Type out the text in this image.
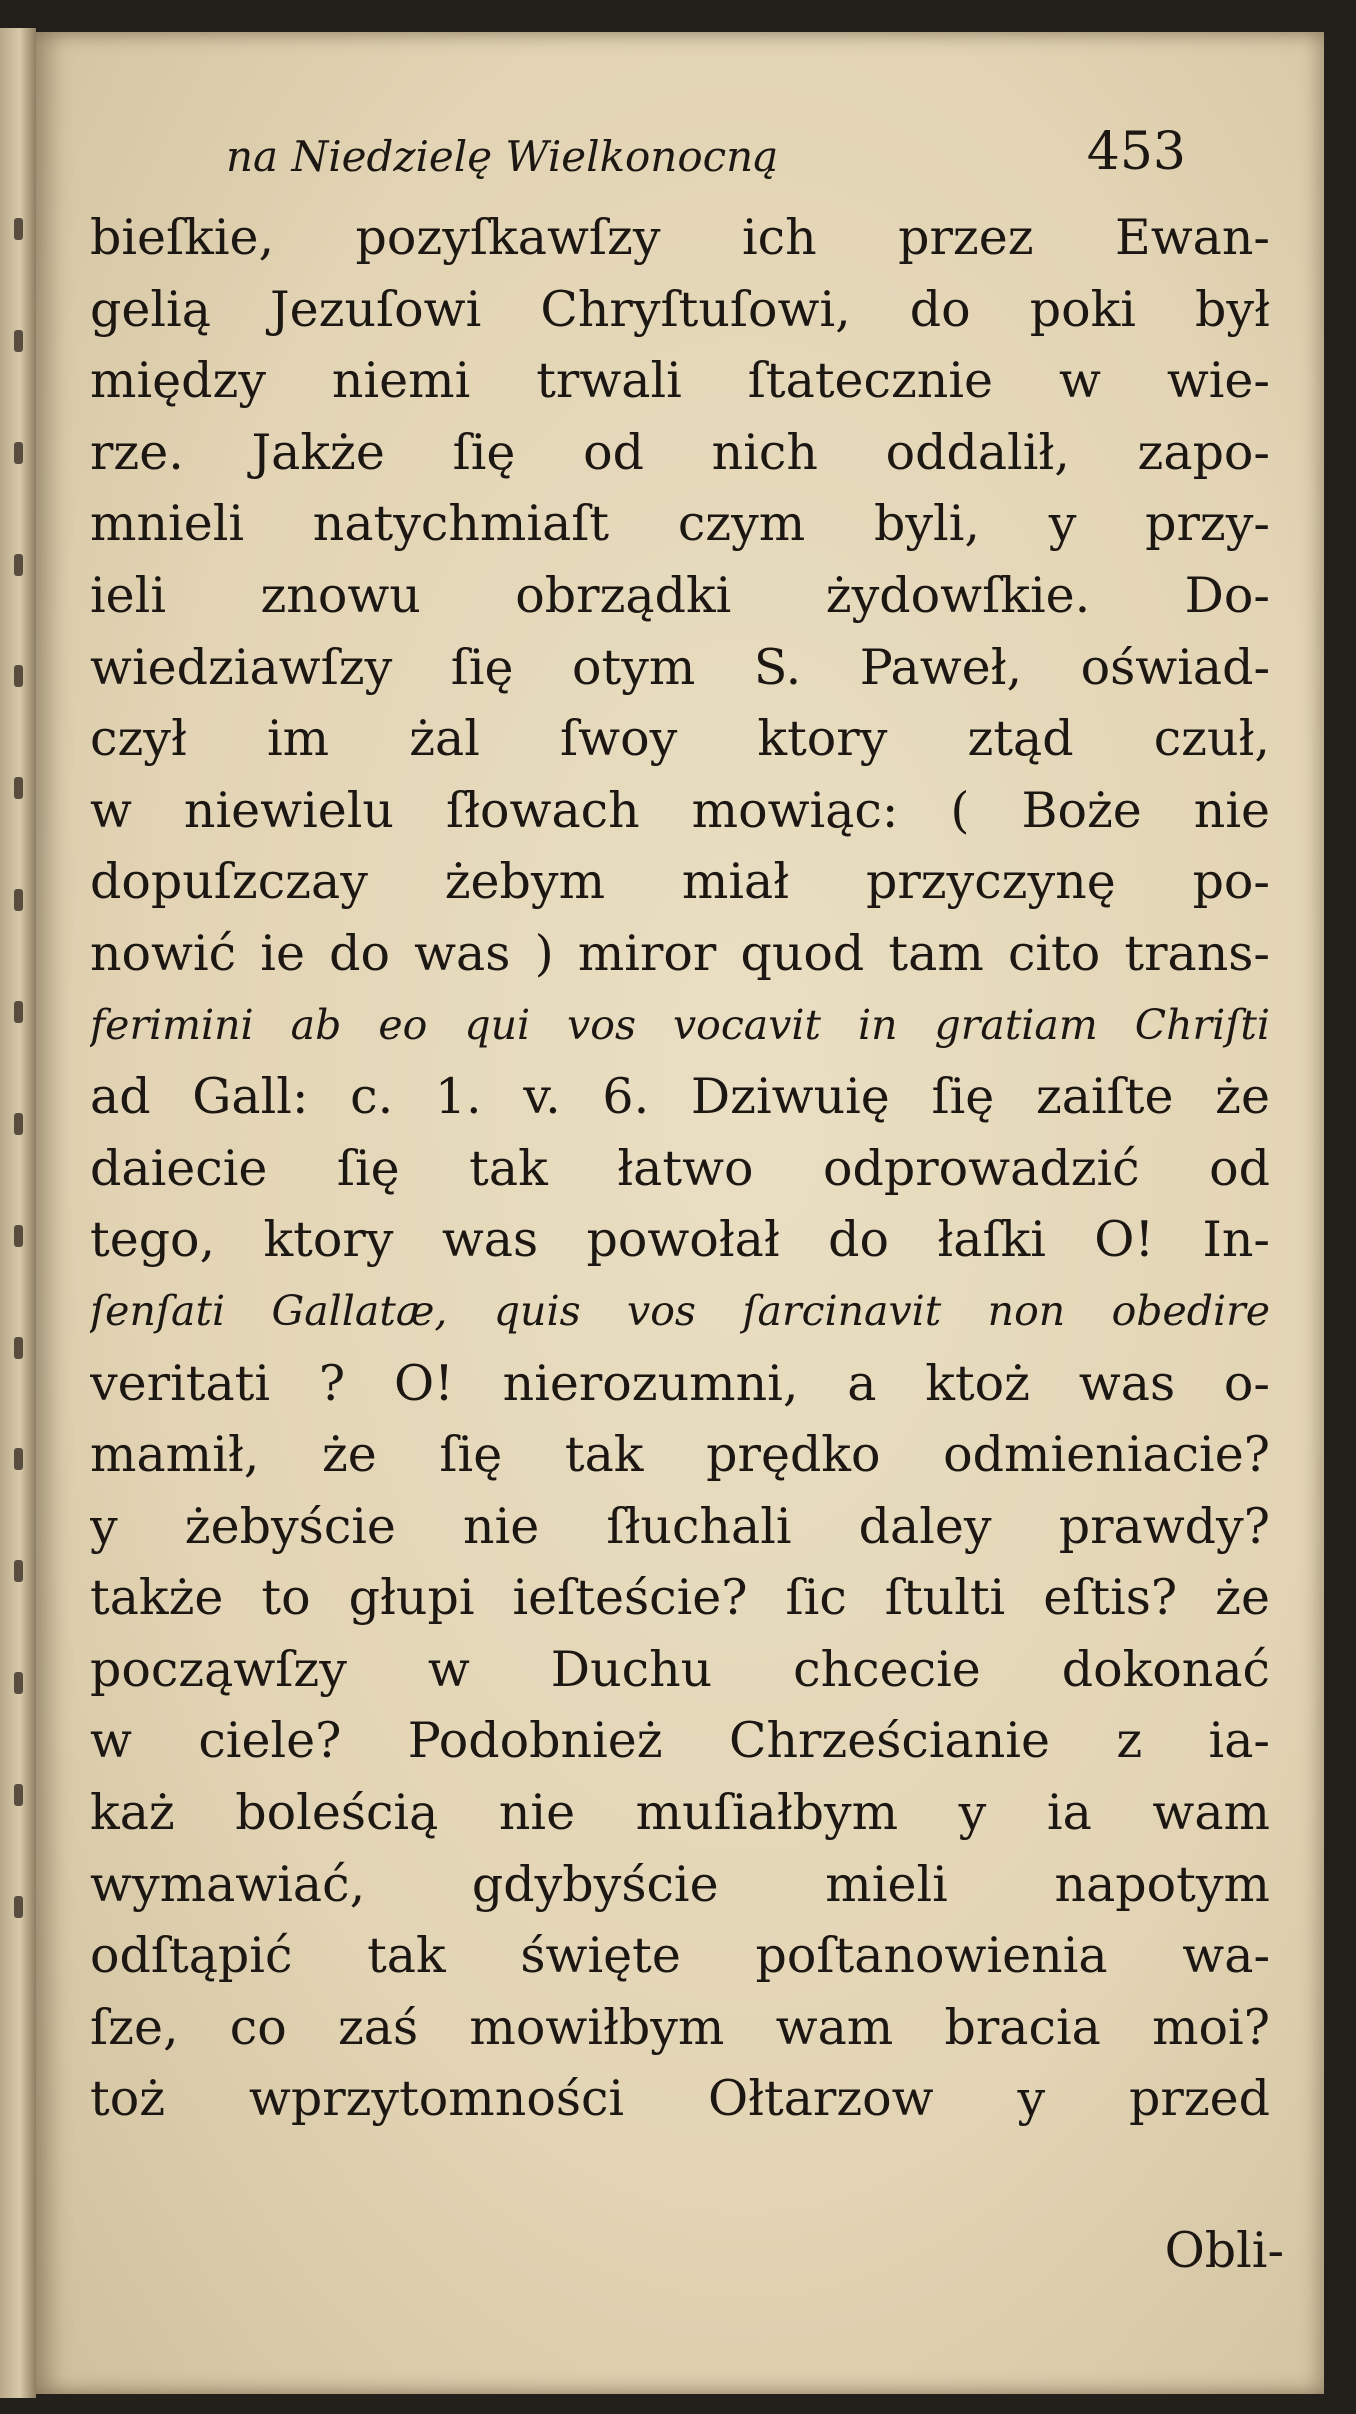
na Niedzielę Wielkonocną	453
bieſkie, pozyſkawſzy ich przez Ewan-
gelią Jezuſowi Chryſtuſowi, do poki był
między niemi trwali ſtatecznie w wie-
rze. Jakże ſię od nich oddalił, zapo-
mnieli natychmiaſt czym byli, y przy-
ieli znowu obrządki żydowſkie. Do-
wiedziawſzy ſię otym S. Paweł, oświad-
czył im żal ſwoy ktory ztąd czuł,
w niewielu ſłowach mowiąc: ( Boże nie
dopuſzczay żebym miał przyczynę po-
nowić ie do was ) miror quod tam cito trans-
ferimini ab eo qui vos vocavit in gratiam Chriſti
ad Gall: c. 1. v. 6. Dziwuię ſię zaiſte że
daiecie ſię tak łatwo odprowadzić od
tego, ktory was powołał do łaſki O! In-
ſenſati Gallatæ, quis vos ſarcinavit non obedire
veritati ? O! nierozumni, a ktoż was o-
mamił, że ſię tak prędko odmieniacie?
y żebyście nie ſłuchali daley prawdy?
także to głupi ieſteście? ſic ſtulti eſtis? że
począwſzy w Duchu chcecie dokonać
w ciele? Podobnież Chrześcianie z ia-
każ boleścią nie muſiałbym y ia wam
wymawiać, gdybyście mieli napotym
odſtąpić tak święte poſtanowienia wa-
ſze, co zaś mowiłbym wam bracia moi?
toż wprzytomności Ołtarzow y przed
Obli-
